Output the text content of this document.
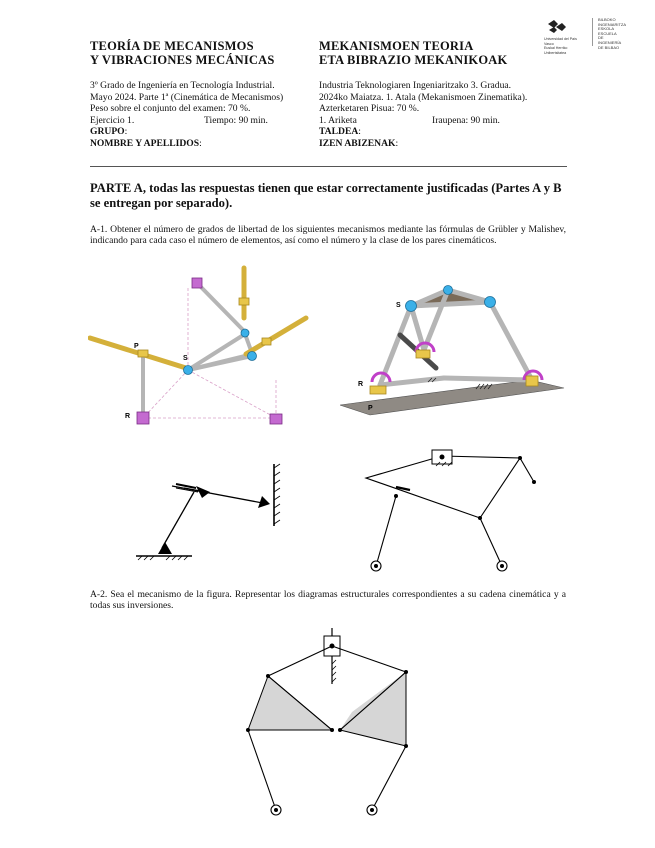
TEORÍA DE MECANISMOS
Y VIBRACIONES MECÁNICAS
MEKANISMOEN TEORIA
ETA BIBRAZIO MEKANIKOAK
Universidad del País Vasco
Euskal Herriko Unibertsitatea
BILBOKO
INGENIARITZA
ESKOLA
ESCUELA
DE INGENIERÍA
DE BILBAO
3º Grado de Ingeniería en Tecnología Industrial.
Mayo 2024. Parte 1ª (Cinemática de Mecanismos)
Peso sobre el conjunto del examen: 70 %.
Ejercicio 1.	Tiempo: 90 min.
GRUPO:
NOMBRE Y APELLIDOS:
Industria Teknologiaren Ingeniaritzako 3. Gradua.
2024ko Maiatza. 1. Atala (Mekanismoen Zinematika).
Azterketaren Pisua: 70 %.
1. Ariketa	Iraupena: 90 min.
TALDEA:
IZEN ABIZENAK:
PARTE A, todas las respuestas tienen que estar correctamente justificadas (Partes A y B se entregan por separado).
A-1. Obtener el número de grados de libertad de los siguientes mecanismos mediante las fórmulas de Grübler y Malishev, indicando para cada caso el número de elementos, así como el número y la clase de los pares cinemáticos.
P
S
R
S
R
P
A-2. Sea el mecanismo de la figura. Representar los diagramas estructurales correspondientes a su cadena cinemática y a todas sus inversiones.
